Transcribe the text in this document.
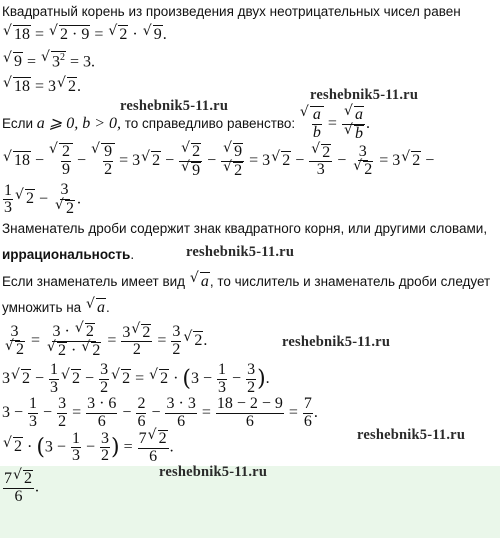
Квадратный корень из произведения двух неотрицательных чисел равен
√ 18 = √ 2 · 9 = √ 2 · √ 9.
√ 9 = √ $3^2 = 3$.
√ 18 = 3√ 2.
Если a ⩾ 0, b > 0, то справедливо равенство:
√ $\frac{a}{b}$ =
√ a
√ b .
√ 18 −
√ $\frac{2}{9}$ −
√ $\frac{9}{2} = 3√$ 2 −
√ 2
√ 9 −
√ 9
√ 2 = 3√ 2 −
√ $\frac{2}{3} - 3$
√ 2 = 3√ 2 −
$\frac{1}{3}$
√ 2 − 3
√ 2 .
Знаменатель дроби содержит знак квадратного корня, или другими словами,
иррациональность.
Если знаменатель имеет вид √ a, то числитель и знаменатель дроби следует
умножить на √ a.
3
√ 2 = 3 · √ 2
√ 2 · √ $2 = \frac{3√ 2}{2} = \frac{3}{2}$
√ 2.
3√ $2 - \frac{1}{3}$
√ $2 - \frac{3}{2}$
√ 2 = √ $2 \cdot (3 - \frac{1}{3} - \frac{3}{2}$ ).
$3 - \frac{1}{3} - \frac{3}{2} = \frac{3 \cdot 6}{6} - \frac{2}{6} - \frac{3 \cdot 3}{6} = \frac{18 - 2 - 9}{6} = \frac{7}{6}$ .
√ $2 \cdot (3 - \frac{1}{3} - \frac{3}{2}$ ) = $\frac{7√ 2}{6}$ .
$\frac{7√ 2}{6}$ .
reshebnik5-11.ru
reshebnik5-11.ru
reshebnik5-11.ru
reshebnik5-11.ru
reshebnik5-11.ru
reshebnik5-11.ru
